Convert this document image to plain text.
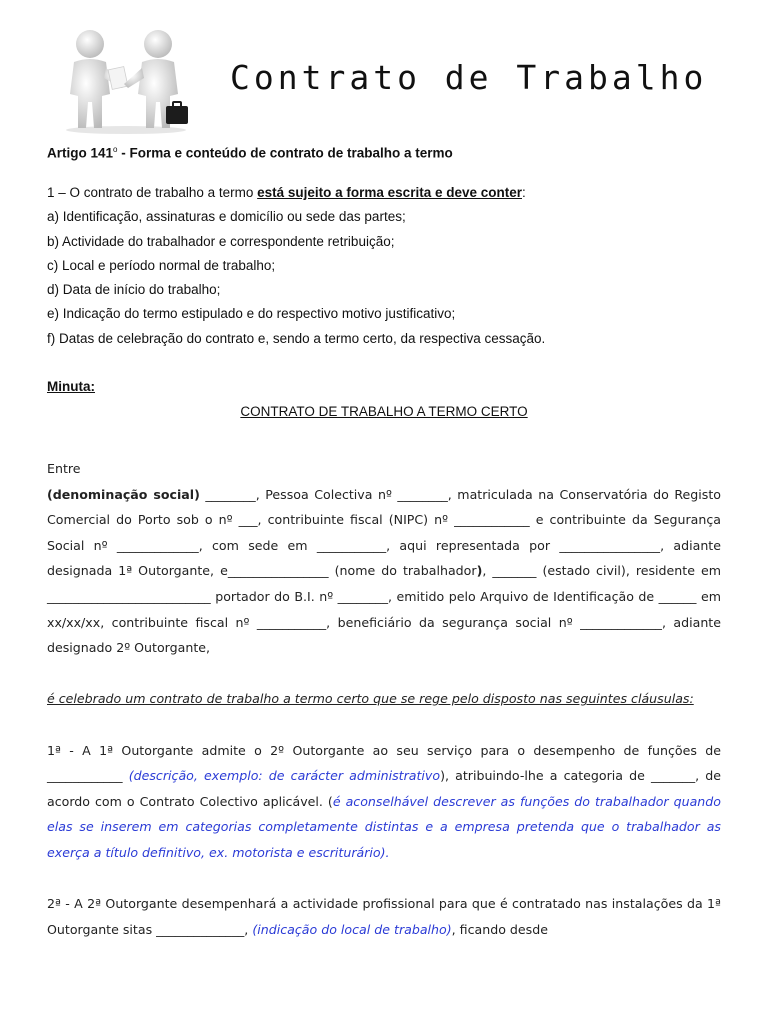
Contrato de Trabalho
Artigo 141$^o$ - Forma e conteúdo de contrato de trabalho a termo

1 – O contrato de trabalho a termo está sujeito a forma escrita e deve conter:

a) Identificação, assinaturas e domicílio ou sede das partes;

b) Actividade do trabalhador e correspondente retribuição;

c) Local e período normal de trabalho;

d) Data de início do trabalho;

e) Indicação do termo estipulado e do respectivo motivo justificativo;

f) Datas de celebração do contrato e, sendo a termo certo, da respectiva cessação.

Minuta:
CONTRATO DE TRABALHO A TERMO CERTO

Entre

(denominação social) ________, Pessoa Colectiva nº ________, matriculada na Conservatória do Registo Comercial do Porto sob o nº ___, contribuinte fiscal (NIPC) nº ____________ e contribuinte da Segurança Social nº _____________, com sede em ___________, aqui representada por ________________, adiante designada 1ª Outorgante, e________________ (nome do trabalhador), _______ (estado civil), residente em __________________________ portador do B.I. nº ________, emitido pelo Arquivo de Identificação de ______ em xx/xx/xx, contribuinte fiscal nº ___________, beneficiário da segurança social nº _____________, adiante designado 2º Outorgante,

é celebrado um contrato de trabalho a termo certo que se rege pelo disposto nas seguintes cláusulas:

1ª - A 1ª Outorgante admite o 2º Outorgante ao seu serviço para o desempenho de funções de ____________ (descrição, exemplo: de carácter administrativo), atribuindo-lhe a categoria de _______, de acordo com o Contrato Colectivo aplicável. (é aconselhável descrever as funções do trabalhador quando elas se inserem em categorias completamente distintas e a empresa pretenda que o trabalhador as exerça a título definitivo, ex. motorista e escriturário).

2ª - A 2ª Outorgante desempenhará a actividade profissional para que é contratado nas instalações da 1ª Outorgante sitas ______________, (indicação do local de trabalho), ficando desde
